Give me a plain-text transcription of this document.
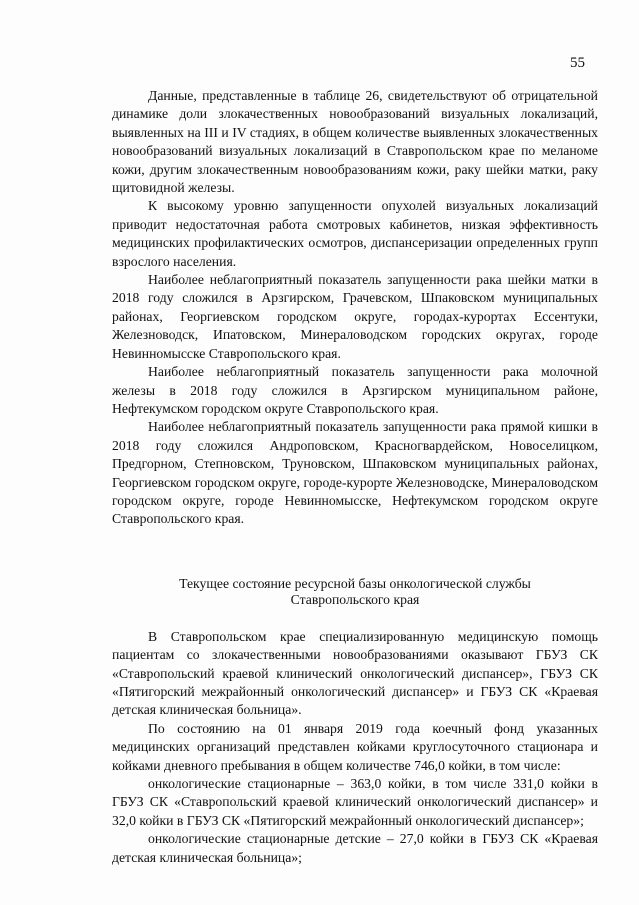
55

Данные, представленные в таблице 26, свидетельствуют об отрицательной динамике доли злокачественных новообразований визуальных локализаций, выявленных на III и IV стадиях, в общем количестве выявленных злокачественных новообразований визуальных локализаций в Ставропольском крае по меланоме кожи, другим злокачественным новообразованиям кожи, раку шейки матки, раку щитовидной железы.

К высокому уровню запущенности опухолей визуальных локализаций приводит недостаточная работа смотровых кабинетов, низкая эффективность медицинских профилактических осмотров, диспансеризации определенных групп взрослого населения.

Наиболее неблагоприятный показатель запущенности рака шейки матки в 2018 году сложился в Арзгирском, Грачевском, Шпаковском муниципальных районах, Георгиевском городском округе, городах-курортах Ессентуки, Железноводск, Ипатовском, Минераловодском городских округах, городе Невинномысске Ставропольского края.

Наиболее неблагоприятный показатель запущенности рака молочной железы в 2018 году сложился в Арзгирском муниципальном районе, Нефтекумском городском округе Ставропольского края.

Наиболее неблагоприятный показатель запущенности рака прямой кишки в 2018 году сложился Андроповском, Красногвардейском, Новоселицком, Предгорном, Степновском, Труновском, Шпаковском муниципальных районах, Георгиевском городском округе, городе-курорте Железноводске, Минераловодском городском округе, городе Невинномысске, Нефтекумском городском округе Ставропольского края.

Текущее состояние ресурсной базы онкологической службы
Ставропольского края

В Ставропольском крае специализированную медицинскую помощь пациентам со злокачественными новообразованиями оказывают ГБУЗ СК «Ставропольский краевой клинический онкологический диспансер», ГБУЗ СК «Пятигорский межрайонный онкологический диспансер» и ГБУЗ СК «Краевая детская клиническая больница».

По состоянию на 01 января 2019 года коечный фонд указанных медицинских организаций представлен койками круглосуточного стационара и койками дневного пребывания в общем количестве 746,0 койки, в том числе:

онкологические стационарные – 363,0 койки, в том числе 331,0 койки в ГБУЗ СК «Ставропольский краевой клинический онкологический диспансер» и 32,0 койки в ГБУЗ СК «Пятигорский межрайонный онкологический диспансер»;

онкологические стационарные детские – 27,0 койки в ГБУЗ СК «Краевая детская клиническая больница»;
